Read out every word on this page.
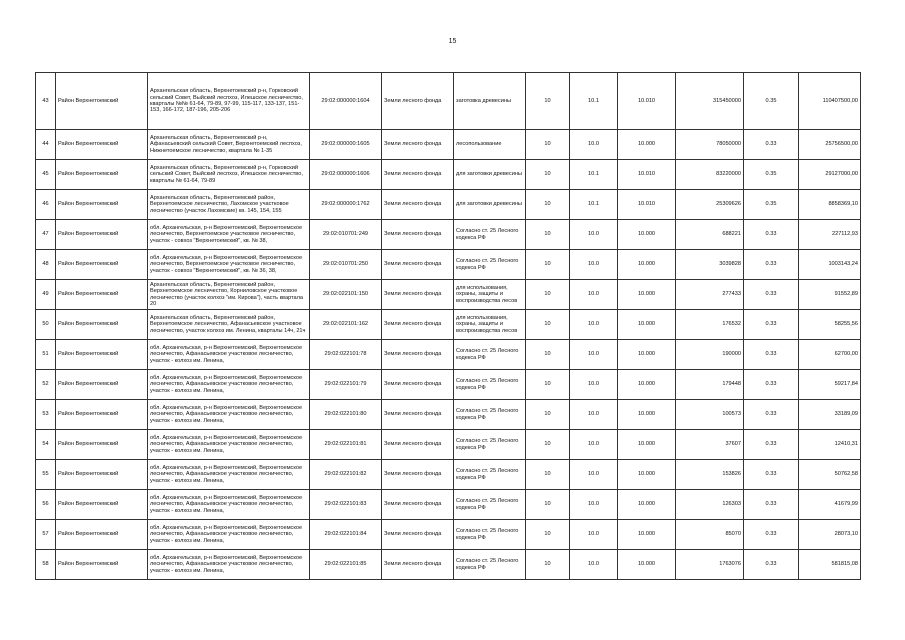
15
43	Район Верхнетоемский	Архангельская область, Верхнетоемский р-н, Горковский сельский Совет, Выйский леспхоз, Илешское лесничество, кварталы №№ 61-64, 79-89, 97-99, 115-117, 133-137, 151-153, 166-172, 187-196, 205-206	29:02:000000:1604	Земли лесного фонда	заготовка древесины	10	10.1	10.010	315450000	0.35	110407500,00
44	Район Верхнетоемский	Архангельская область, Верхнетоемский р-н, Афанасьевский сельский Совет, Верхнетоемский леспхоз, Нижнетоемское лесничество, квартала № 1-35	29:02:000000:1605	Земли лесного фонда	лесопользование	10	10.0	10.000	78050000	0.33	25756500,00
45	Район Верхнетоемский	Архангельская область, Верхнетоемский р-н, Горковский сельский Совет, Выйский леспхоз, Илешское лесничество, кварталы № 61-64, 79-89	29:02:000000:1606	Земли лесного фонда	для заготовки древесины	10	10.1	10.010	83220000	0.35	29127000,00
46	Район Верхнетоемский	Архангельская область, Верхнетоемский район, Верхнетоемское лесничество, Лахомское участковое лесничество (участок Лахомские) кв. 145, 154, 155	29:02:000000:1762	Земли лесного фонда	для заготовки древесины	10	10.1	10.010	25309626	0.35	8858369,10
47	Район Верхнетоемский	обл. Архангельская, р-н Верхнетоемский, Верхнетоемское лесничество, Верхнетоемское участковое лесничество, участок - совхоз "Верхнетоемский", кв. № 38,	29:02:010701:249	Земли лесного фонда	Согласно ст. 25 Лесного кодекса РФ	10	10.0	10.000	688221	0.33	227112,93
48	Район Верхнетоемский	обл. Архангельская, р-н Верхнетоемский, Верхнетоемское лесничество, Верхнетоемское участковое лесничество, участок - совхоз "Верхнетоемский", кв. № 36, 38,	29:02:010701:250	Земли лесного фонда	Согласно ст. 25 Лесного кодекса РФ	10	10.0	10.000	3039828	0.33	1003143,24
49	Район Верхнетоемский	Архангельская область, Верхнетоемский район, Верхнетоемское лесничество, Корниловское участковое лесничество (участок колхоз "им. Кирова"), часть квартала 20	29:02:022101:150	Земли лесного фонда	для использования, охраны, защиты и воспроизводства лесов	10	10.0	10.000	277433	0.33	91552,89
50	Район Верхнетоемский	Архангельская область, Верхнетоемский район, Верхнетоемское лесничество, Афанасьевское участковое лесничество, участок колхоз им. Ленина, кварталы 14ч, 21ч	29:02:022101:162	Земли лесного фонда	для использования, охраны, защиты и воспроизводства лесов	10	10.0	10.000	176532	0.33	58255,56
51	Район Верхнетоемский	обл. Архангельская, р-н Верхнетоемский, Верхнетоемское лесничество, Афанасьевское участковое лесничество, участок - колхоз им. Ленина,	29:02:022101:78	Земли лесного фонда	Согласно ст. 25 Лесного кодекса РФ	10	10.0	10.000	190000	0.33	62700,00
52	Район Верхнетоемский	обл. Архангельская, р-н Верхнетоемский, Верхнетоемское лесничество, Афанасьевское участковое лесничество, участок - колхоз им. Ленина,	29:02:022101:79	Земли лесного фонда	Согласно ст. 25 Лесного кодекса РФ	10	10.0	10.000	179448	0.33	59217,84
53	Район Верхнетоемский	обл. Архангельская, р-н Верхнетоемский, Верхнетоемское лесничество, Афанасьевское участковое лесничество, участок - колхоз им. Ленина,	29:02:022101:80	Земли лесного фонда	Согласно ст. 25 Лесного кодекса РФ	10	10.0	10.000	100573	0.33	33189,09
54	Район Верхнетоемский	обл. Архангельская, р-н Верхнетоемский, Верхнетоемское лесничество, Афанасьевское участковое лесничество, участок - колхоз им. Ленина,	29:02:022101:81	Земли лесного фонда	Согласно ст. 25 Лесного кодекса РФ	10	10.0	10.000	37607	0.33	12410,31
55	Район Верхнетоемский	обл. Архангельская, р-н Верхнетоемский, Верхнетоемское лесничество, Афанасьевское участковое лесничество, участок - колхоз им. Ленина,	29:02:022101:82	Земли лесного фонда	Согласно ст. 25 Лесного кодекса РФ	10	10.0	10.000	153826	0.33	50762,58
56	Район Верхнетоемский	обл. Архангельская, р-н Верхнетоемский, Верхнетоемское лесничество, Афанасьевское участковое лесничество, участок - колхоз им. Ленина,	29:02:022101:83	Земли лесного фонда	Согласно ст. 25 Лесного кодекса РФ	10	10.0	10.000	126303	0.33	41679,99
57	Район Верхнетоемский	обл. Архангельская, р-н Верхнетоемский, Верхнетоемское лесничество, Афанасьевское участковое лесничество, участок - колхоз им. Ленина,	29:02:022101:84	Земли лесного фонда	Согласно ст. 25 Лесного кодекса РФ	10	10.0	10.000	85070	0.33	28073,10
58	Район Верхнетоемский	обл. Архангельская, р-н Верхнетоемский, Верхнетоемское лесничество, Афанасьевское участковое лесничество, участок - колхоз им. Ленина,	29:02:022101:85	Земли лесного фонда	Согласно ст. 25 Лесного кодекса РФ	10	10.0	10.000	1763076	0.33	581815,08
